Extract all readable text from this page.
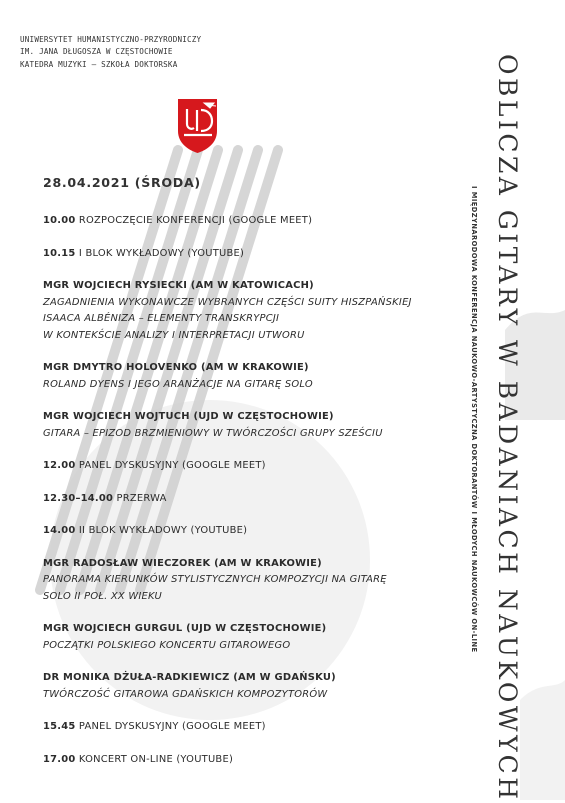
UNIWERSYTET HUMANISTYCZNO-PRZYRODNICZY
IM. JANA DŁUGOSZA W CZĘSTOCHOWIE
KATEDRA MUZYKI – SZKOŁA DOKTORSKA	OBLICZA GITARY W BADANIACH NAUKOWYCH
I MIĘDZYNARODOWA KONFERENCJA NAUKOWO-ARTYSTYCZNA DOKTORANTÓW I MŁODYCH NAUKOWCÓW ON-LINE
28.04.2021 (ŚRODA)
10.00 ROZPOCZĘCIE KONFERENCJI (GOOGLE MEET)
10.15 I BLOK WYKŁADOWY (YOUTUBE)
MGR WOJCIECH RYSIECKI (AM W KATOWICACH)
ZAGADNIENIA WYKONAWCZE WYBRANYCH CZĘŚCI SUITY HISZPAŃSKIEJ
ISAACA ALBÉNIZA – ELEMENTY TRANSKRYPCJI
W KONTEKŚCIE ANALIZY I INTERPRETACJI UTWORU
MGR DMYTRO HOLOVENKO (AM W KRAKOWIE)
ROLAND DYENS I JEGO ARANŻACJE NA GITARĘ SOLO
MGR WOJCIECH WOJTUCH (UJD W CZĘSTOCHOWIE)
GITARA – EPIZOD BRZMIENIOWY W TWÓRCZOŚCI GRUPY SZEŚCIU
12.00 PANEL DYSKUSYJNY (GOOGLE MEET)
12.30–14.00 PRZERWA
14.00 II BLOK WYKŁADOWY (YOUTUBE)
MGR RADOSŁAW WIECZOREK (AM W KRAKOWIE)
PANORAMA KIERUNKÓW STYLISTYCZNYCH KOMPOZYCJI NA GITARĘ
SOLO II POŁ. XX WIEKU
MGR WOJCIECH GURGUL (UJD W CZĘSTOCHOWIE)
POCZĄTKI POLSKIEGO KONCERTU GITAROWEGO
DR MONIKA DŻUŁA-RADKIEWICZ (AM W GDAŃSKU)
TWÓRCZOŚĆ GITAROWA GDAŃSKICH KOMPOZYTORÓW
15.45 PANEL DYSKUSYJNY (GOOGLE MEET)
17.00 KONCERT ON-LINE (YOUTUBE)
